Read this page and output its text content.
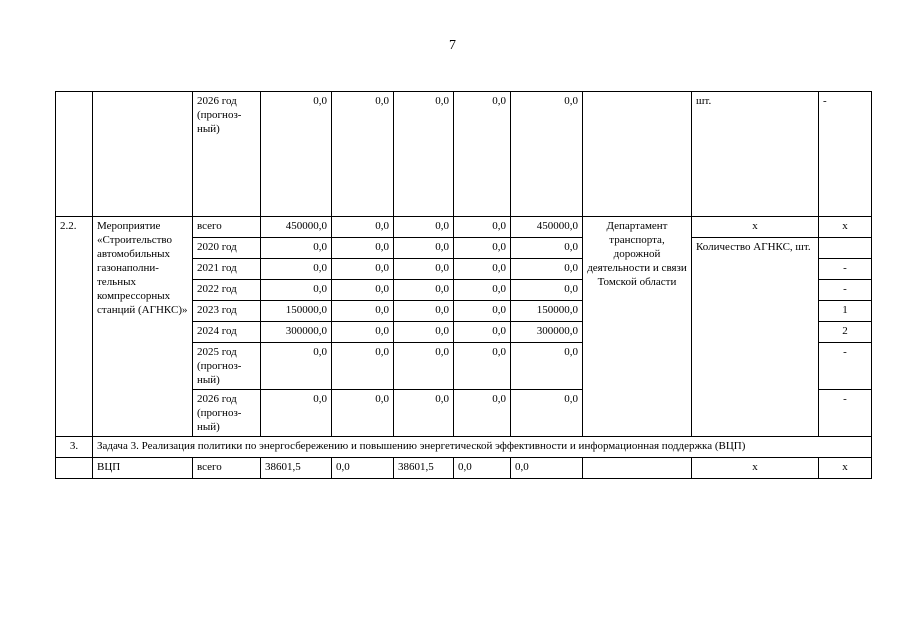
7
		2026 год (прогноз-ный)	0,0	0,0	0,0	0,0	0,0		шт.	-
2.2.	Мероприятие «Строительство автомобильных газонаполни-тельных компрессорных станций (АГНКС)»	всего	450000,0	0,0	0,0	0,0	450000,0	Департамент транспорта, дорожной деятельности и связи Томской области	x	x
		2020 год	0,0	0,0	0,0	0,0	0,0		Количество АГНКС, шт.	
		2021 год	0,0	0,0	0,0	0,0	0,0			-
		2022 год	0,0	0,0	0,0	0,0	0,0			-
		2023 год	150000,0	0,0	0,0	0,0	150000,0			1
		2024 год	300000,0	0,0	0,0	0,0	300000,0			2
		2025 год (прогноз-ный)	0,0	0,0	0,0	0,0	0,0			-
		2026 год (прогноз-ный)	0,0	0,0	0,0	0,0	0,0			-
3.	Задача 3. Реализация политики по энергосбережению и повышению энергетической эффективности и информационная поддержка (ВЦП)									
	ВЦП	всего	38601,5	0,0	38601,5	0,0	0,0		x	x
